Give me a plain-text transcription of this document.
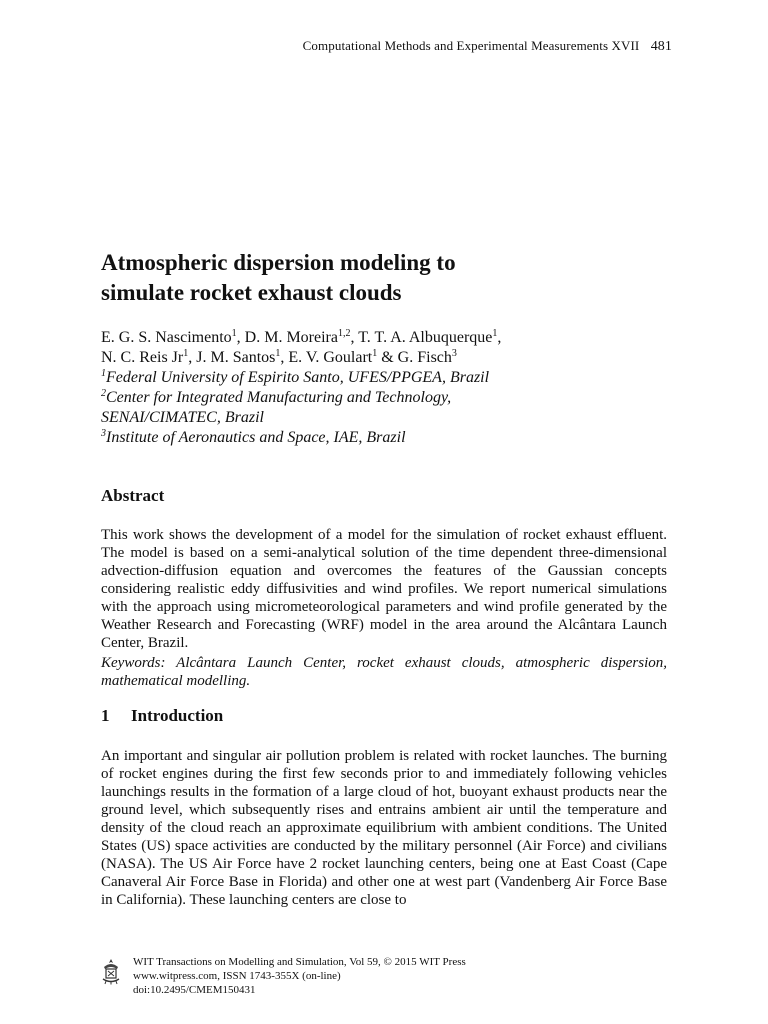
Computational Methods and Experimental Measurements XVII 481
Atmospheric dispersion modeling to
simulate rocket exhaust clouds
E. G. S. Nascimento$^1$, D. M. Moreira$^{1,2}$, T. T. A. Albuquerque$^1$,
N. C. Reis Jr$^1$, J. M. Santos$^1$, E. V. Goulart$^1$ & G. Fisch$^3$
$^1$Federal University of Espirito Santo, UFES/PPGEA, Brazil
$^2$Center for Integrated Manufacturing and Technology,
SENAI/CIMATEC, Brazil
$^3$Institute of Aeronautics and Space, IAE, Brazil
Abstract

This work shows the development of a model for the simulation of rocket exhaust effluent. The model is based on a semi-analytical solution of the time dependent three-dimensional advection-diffusion equation and overcomes the features of the Gaussian concepts considering realistic eddy diffusivities and wind profiles. We report numerical simulations with the approach using micrometeorological parameters and wind profile generated by the Weather Research and Forecasting (WRF) model in the area around the Alcântara Launch Center, Brazil.

Keywords: Alcântara Launch Center, rocket exhaust clouds, atmospheric dispersion, mathematical modelling.

1 Introduction

An important and singular air pollution problem is related with rocket launches. The burning of rocket engines during the first few seconds prior to and immediately following vehicles launchings results in the formation of a large cloud of hot, buoyant exhaust products near the ground level, which subsequently rises and entrains ambient air until the temperature and density of the cloud reach an approximate equilibrium with ambient conditions. The United States (US) space activities are conducted by the military personnel (Air Force) and civilians (NASA). The US Air Force have 2 rocket launching centers, being one at East Coast (Cape Canaveral Air Force Base in Florida) and other one at west part (Vandenberg Air Force Base in California). These launching centers are close to

WIT Transactions on Modelling and Simulation, Vol 59, © 2015 WIT Press
www.witpress.com, ISSN 1743-355X (on-line)
doi:10.2495/CMEM150431
